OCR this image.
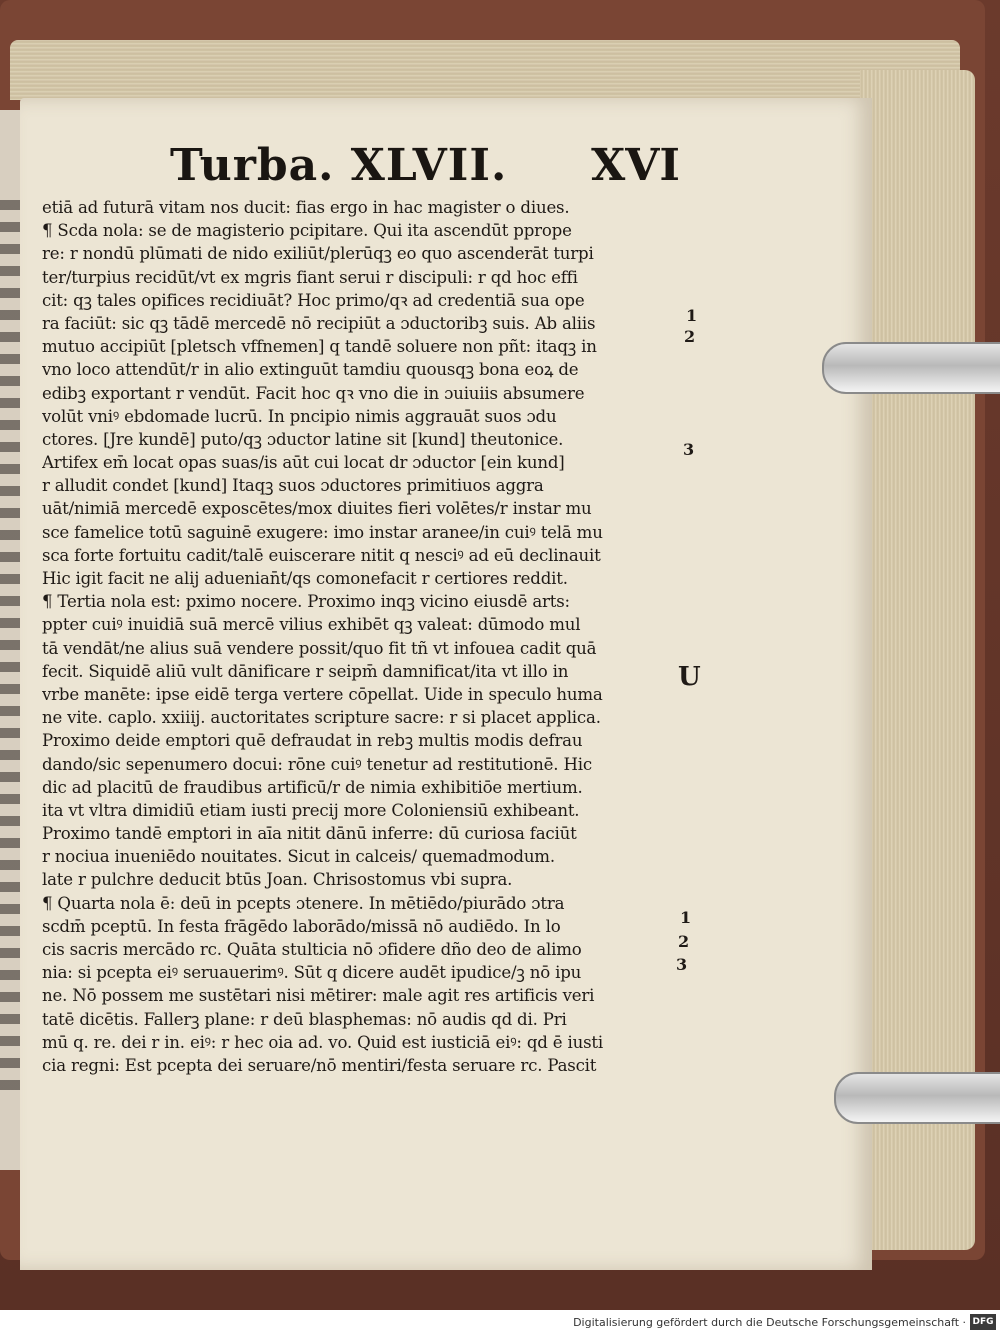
Turba. XLVII. XVI
etiā ad futurā vitam nos ducit: fias ergo in hac magister o diues.
¶ Scda nola: se de magisterio pcipitare. Qui ita ascendūt pprope
re: r nondū plūmati de nido exiliūt/plerūqꝫ eo quo ascenderāt turpi
ter/turpius recidūt/vt ex mgris fiant serui r discipuli: r qd hoc effi
cit: qꝫ tales opifices recidiuāt? Hoc primo/qꝛ ad credentiā sua ope
ra faciūt: sic qꝫ tādē mercedē nō recipiūt a ɔductoribꝫ suis. Ab aliis
mutuo accipiūt [pletsch vffnemen] q tandē soluere non pñt: itaqꝫ in
vno loco attendūt/r in alio extinguūt tamdiu quousqꝫ bona eoꝝ de
edibꝫ exportant r vendūt. Facit hoc qꝛ vno die in ɔuiuiis absumere
volūt vniꝰ ebdomade lucrū. In pncipio nimis aggrauāt suos ɔdu
ctores. [Jre kundē] puto/qꝫ ɔductor latine sit [kund] theutonice.
Artifex em̄ locat opas suas/is aūt cui locat dr ɔductor [ein kund]
r alludit condet [kund] Itaqꝫ suos ɔductores primitiuos aggra
uāt/nimiā mercedē exposcētes/mox diuites fieri volētes/r instar mu
sce famelice totū saguinē exugere: imo instar aranee/in cuiꝰ telā mu
sca forte fortuitu cadit/talē euiscerare nitit q nesciꝰ ad eū declinauit
Hic igit facit ne alij aduenian̄t/qs comonefacit r certiores reddit.
¶ Tertia nola est: pximo nocere. Proximo inqꝫ vicino eiusdē arts:
ppter cuiꝰ inuidiā suā mercē vilius exhibēt qꝫ valeat: dūmodo mul
tā vendāt/ne alius suā vendere possit/quo fit tñ vt infouea cadit quā
fecit. Siquidē aliū vult dānificare r seipm̄ damnificat/ita vt illo in
vrbe manēte: ipse eidē terga vertere cōpellat. Uide in speculo huma
ne vite. caplo. xxiiij. auctoritates scripture sacre: r si placet applica.
Proximo deide emptori quē defraudat in rebꝫ multis modis defrau
dando/sic sepenumero docui: rōne cuiꝰ tenetur ad restitutionē. Hic
dic ad placitū de fraudibus artificū/r de nimia exhibitiōe mertium.
ita vt vltra dimidiū etiam iusti precij more Coloniensiū exhibeant.
Proximo tandē emptori in aīa nitit dānū inferre: dū curiosa faciūt
r nociua inueniēdo nouitates. Sicut in calceis/ quemadmodum.
late r pulchre deducit btūs Joan. Chrisostomus vbi supra.
¶ Quarta nola ē: deū in pcepts ɔtenere. In mētiēdo/piurādo ɔtra
scdm̄ pceptū. In festa frāgēdo laborādo/missā nō audiēdo. In lo
cis sacris mercādo rc. Quāta stulticia nō ɔfidere dño deo de alimo
nia: si pcepta eiꝰ seruauerimꝰ. Sūt q dicere audēt ipudice/ꝫ nō ipu
ne. Nō possem me sustētari nisi mētirer: male agit res artificis veri
tatē dicētis. Fallerꝫ plane: r deū blasphemas: nō audis qd di. Pri
mū q. re. dei r in. eiꝰ: r hec oia ad. vo. Quid est iusticiā eiꝰ: qd ē iusti
cia regni: Est pcepta dei seruare/nō mentiri/festa seruare rc. Pascit
1
2
3
U
1
2
3
Digitalisierung gefördert durch die Deutsche Forschungsgemeinschaft · DFG
